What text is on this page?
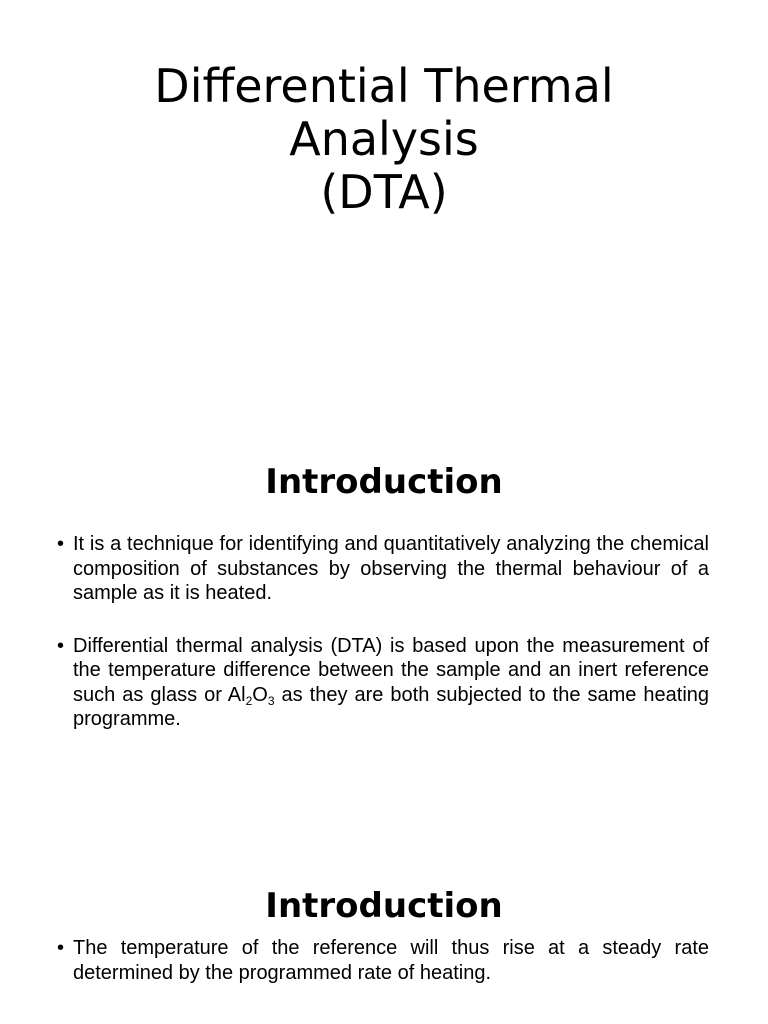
Differential Thermal
Analysis
(DTA)
Introduction
• It is a technique for identifying and quantitatively analyzing the chemical composition of substances by observing the thermal behaviour of a sample as it is heated.
• Differential thermal analysis (DTA) is based upon the measurement of the temperature difference between the sample and an inert reference such as glass or $Al_2O_3$ as they are both subjected to the same heating programme.
Introduction
• The temperature of the reference will thus rise at a steady rate determined by the programmed rate of heating.
